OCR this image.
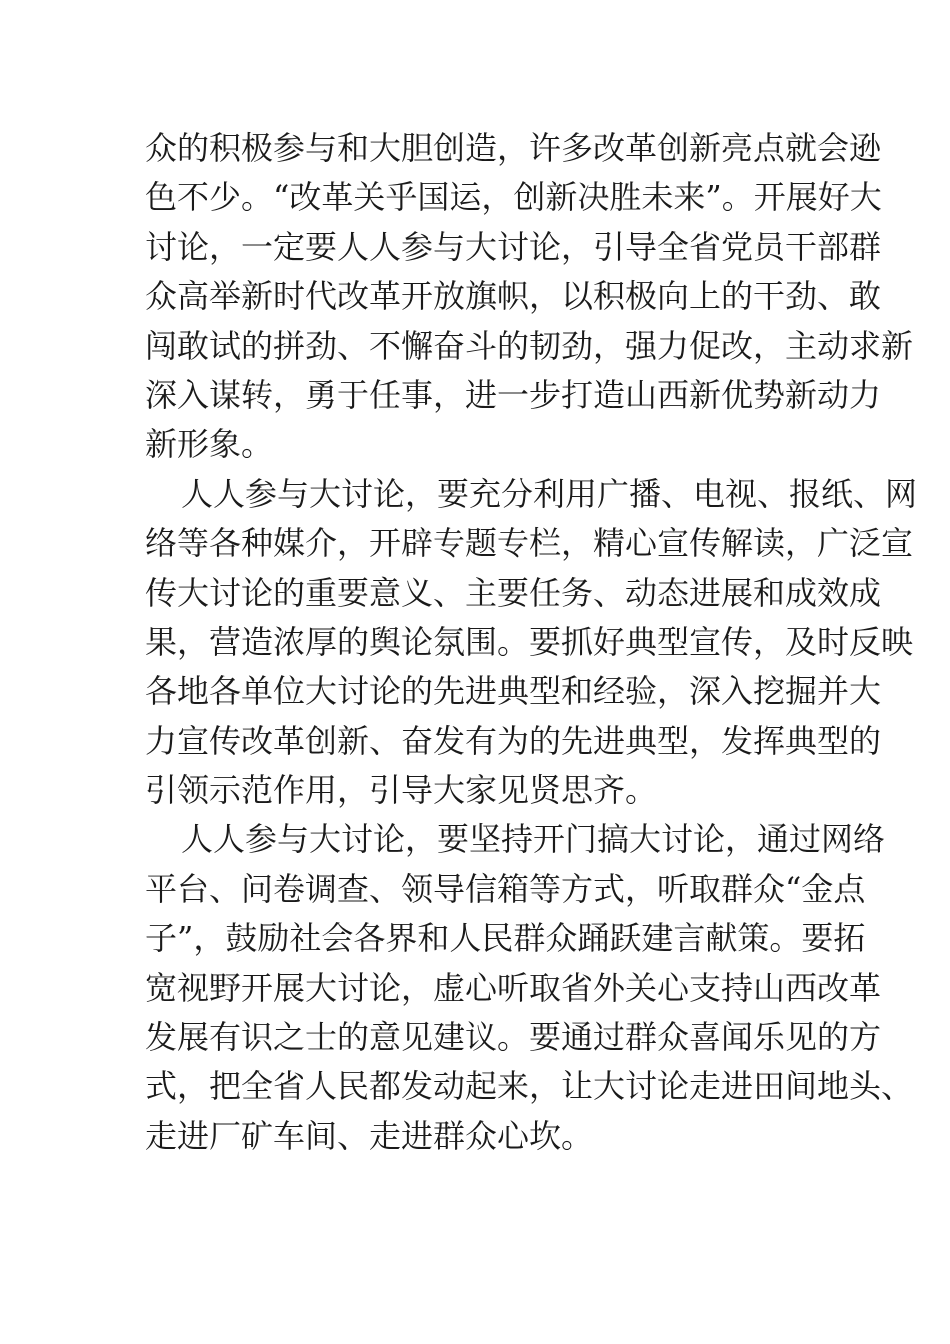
众的积极参与和大胆创造，许多改革创新亮点就会逊
色不少。“改革关乎国运，创新决胜未来”。开展好大
讨论，一定要人人参与大讨论，引导全省党员干部群
众高举新时代改革开放旗帜，以积极向上的干劲、敢
闯敢试的拼劲、不懈奋斗的韧劲，强力促改，主动求新
深入谋转，勇于任事，进一步打造山西新优势新动力
新形象。
人人参与大讨论，要充分利用广播、电视、报纸、网
络等各种媒介，开辟专题专栏，精心宣传解读，广泛宣
传大讨论的重要意义、主要任务、动态进展和成效成
果，营造浓厚的舆论氛围。要抓好典型宣传，及时反映
各地各单位大讨论的先进典型和经验，深入挖掘并大
力宣传改革创新、奋发有为的先进典型，发挥典型的
引领示范作用，引导大家见贤思齐。
人人参与大讨论，要坚持开门搞大讨论，通过网络
平台、问卷调查、领导信箱等方式，听取群众“金点
子”，鼓励社会各界和人民群众踊跃建言献策。要拓
宽视野开展大讨论，虚心听取省外关心支持山西改革
发展有识之士的意见建议。要通过群众喜闻乐见的方
式，把全省人民都发动起来，让大讨论走进田间地头、
走进厂矿车间、走进群众心坎。
